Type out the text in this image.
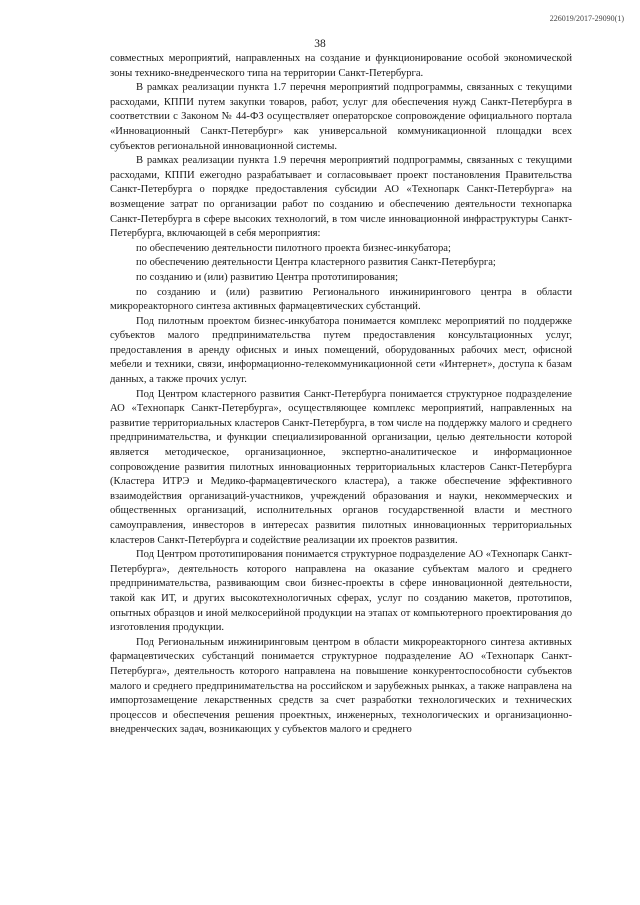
226019/2017-29090(1)
38

совместных мероприятий, направленных на создание и функционирование особой экономической зоны технико-внедренческого типа на территории Санкт-Петербурга.

В рамках реализации пункта 1.7 перечня мероприятий подпрограммы, связанных с текущими расходами, КППИ путем закупки товаров, работ, услуг для обеспечения нужд Санкт-Петербурга в соответствии с Законом № 44-ФЗ осуществляет операторское сопровождение официального портала «Инновационный Санкт-Петербург» как универсальной коммуникационной площадки всех субъектов региональной инновационной системы.

В рамках реализации пункта 1.9 перечня мероприятий подпрограммы, связанных с текущими расходами, КППИ ежегодно разрабатывает и согласовывает проект постановления Правительства Санкт-Петербурга о порядке предоставления субсидии АО «Технопарк Санкт-Петербурга» на возмещение затрат по организации работ по созданию и обеспечению деятельности технопарка Санкт-Петербурга в сфере высоких технологий, в том числе инновационной инфраструктуры Санкт-Петербурга, включающей в себя мероприятия:

по обеспечению деятельности пилотного проекта бизнес-инкубатора;

по обеспечению деятельности Центра кластерного развития Санкт-Петербурга;

по созданию и (или) развитию Центра прототипирования;

по созданию и (или) развитию Регионального инжинирингового центра в области микрореакторного синтеза активных фармацевтических субстанций.

Под пилотным проектом бизнес-инкубатора понимается комплекс мероприятий по поддержке субъектов малого предпринимательства путем предоставления консультационных услуг, предоставления в аренду офисных и иных помещений, оборудованных рабочих мест, офисной мебели и техники, связи, информационно-телекоммуникационной сети «Интернет», доступа к базам данных, а также прочих услуг.

Под Центром кластерного развития Санкт-Петербурга понимается структурное подразделение АО «Технопарк Санкт-Петербурга», осуществляющее комплекс мероприятий, направленных на развитие территориальных кластеров Санкт-Петербурга, в том числе на поддержку малого и среднего предпринимательства, и функции специализированной организации, целью деятельности которой является методическое, организационное, экспертно-аналитическое и информационное сопровождение развития пилотных инновационных территориальных кластеров Санкт-Петербурга (Кластера ИТРЭ и Медико-фармацевтического кластера), а также обеспечение эффективного взаимодействия организаций-участников, учреждений образования и науки, некоммерческих и общественных организаций, исполнительных органов государственной власти и местного самоуправления, инвесторов в интересах развития пилотных инновационных территориальных кластеров Санкт-Петербурга и содействие реализации их проектов развития.

Под Центром прототипирования понимается структурное подразделение АО «Технопарк Санкт-Петербурга», деятельность которого направлена на оказание субъектам малого и среднего предпринимательства, развивающим свои бизнес-проекты в сфере инновационной деятельности, такой как ИТ, и других высокотехнологичных сферах, услуг по созданию макетов, прототипов, опытных образцов и иной мелкосерийной продукции на этапах от компьютерного проектирования до изготовления продукции.

Под Региональным инжиниринговым центром в области микрореакторного синтеза активных фармацевтических субстанций понимается структурное подразделение АО «Технопарк Санкт-Петербурга», деятельность которого направлена на повышение конкурентоспособности субъектов малого и среднего предпринимательства на российском и зарубежных рынках, а также направлена на импортозамещение лекарственных средств за счет разработки технологических и технических процессов и обеспечения решения проектных, инженерных, технологических и организационно-внедренческих задач, возникающих у субъектов малого и среднего
